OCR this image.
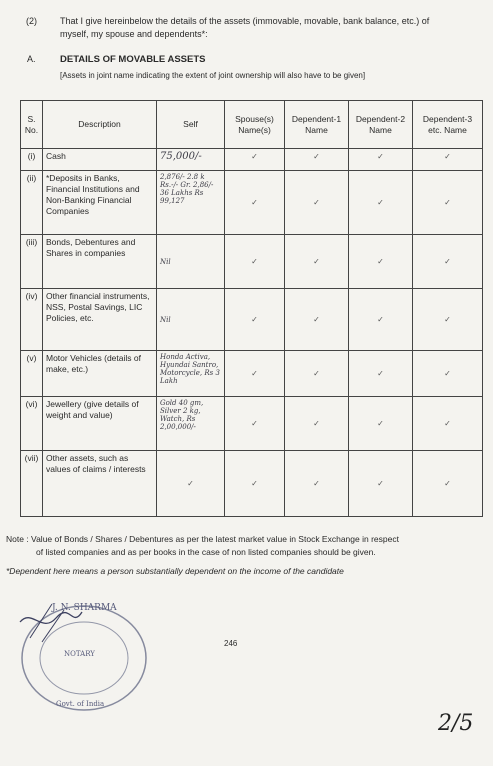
(2)	That I give hereinbelow the details of the assets (immovable, movable, bank balance, etc.) of
myself, my spouse and dependents*:
A.	DETAILS OF MOVABLE ASSETS
[Assets in joint name indicating the extent of joint ownership will also have to be given]
S. No.	Description	Self	Spouse(s) Name(s)	Dependent-1 Name	Dependent-2 Name	Dependent-3 etc. Name
(i)	Cash	75,000/-	✓	✓	✓	✓
(ii)	*Deposits in Banks, Financial Institutions and Non-Banking Financial Companies	2,876/- 2.8 k Rs.-/- Gr. 2,86/- 36 Lakhs Rs 99,127	✓	✓	✓	✓
(iii)	Bonds, Debentures and Shares in companies	Nil	✓	✓	✓	✓
(iv)	Other financial instruments, NSS, Postal Savings, LIC Policies, etc.	Nil	✓	✓	✓	✓
(v)	Motor Vehicles (details of make, etc.)	Honda Activa, Hyundai Santro, Motorcycle, Rs 3 Lakh	✓	✓	✓	✓
(vi)	Jewellery (give details of weight and value)	Gold 40 gm, Silver 2 kg, Watch, Rs 2,00,000/-	✓	✓	✓	✓
(vii)	Other assets, such as values of claims / interests	✓	✓	✓	✓	✓
Note : Value of Bonds / Shares / Debentures as per the latest market value in Stock Exchange in respect
of listed companies and as per books in the case of non listed companies should be given.
*Dependent here means a person substantially dependent on the income of the candidate
J. N. SHARMA
NOTARY
Govt. of India
246
2/5
